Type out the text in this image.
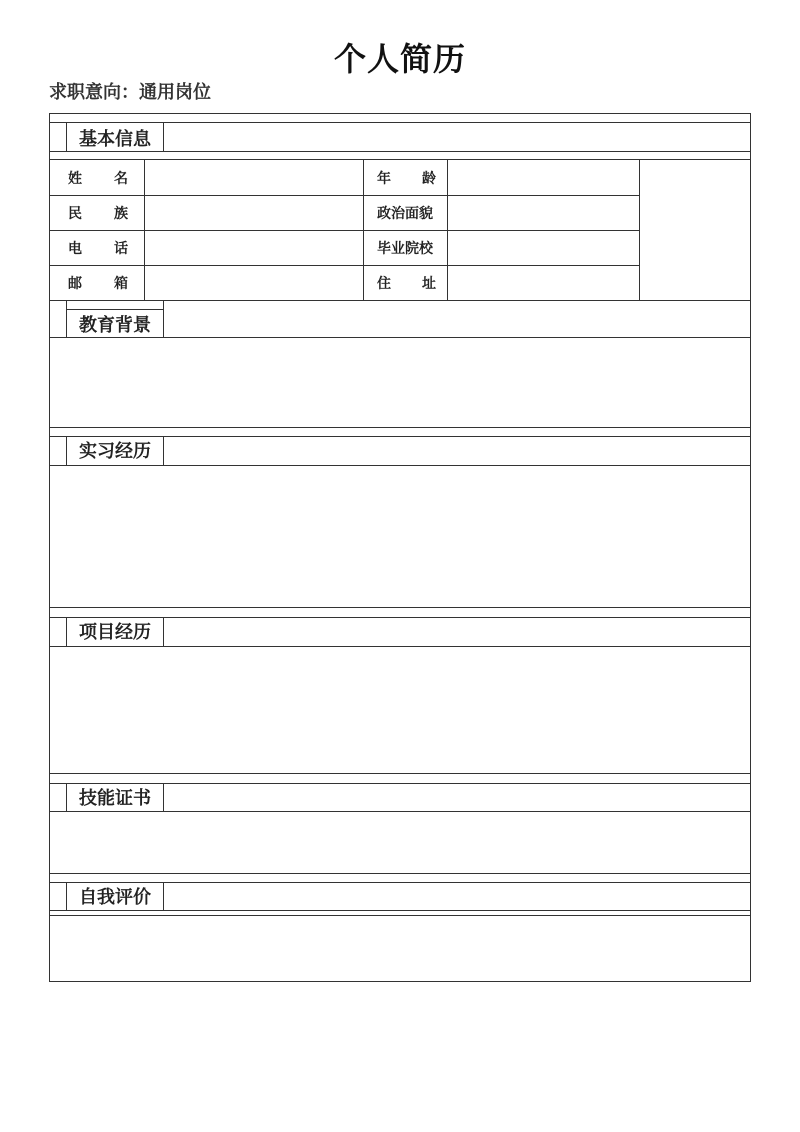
个人简历
求职意向：通用岗位
基本信息
姓 名
民 族
电 话
邮 箱
年 龄
政治面貌
毕业院校
住 址
教育背景
实习经历
项目经历
技能证书
自我评价
